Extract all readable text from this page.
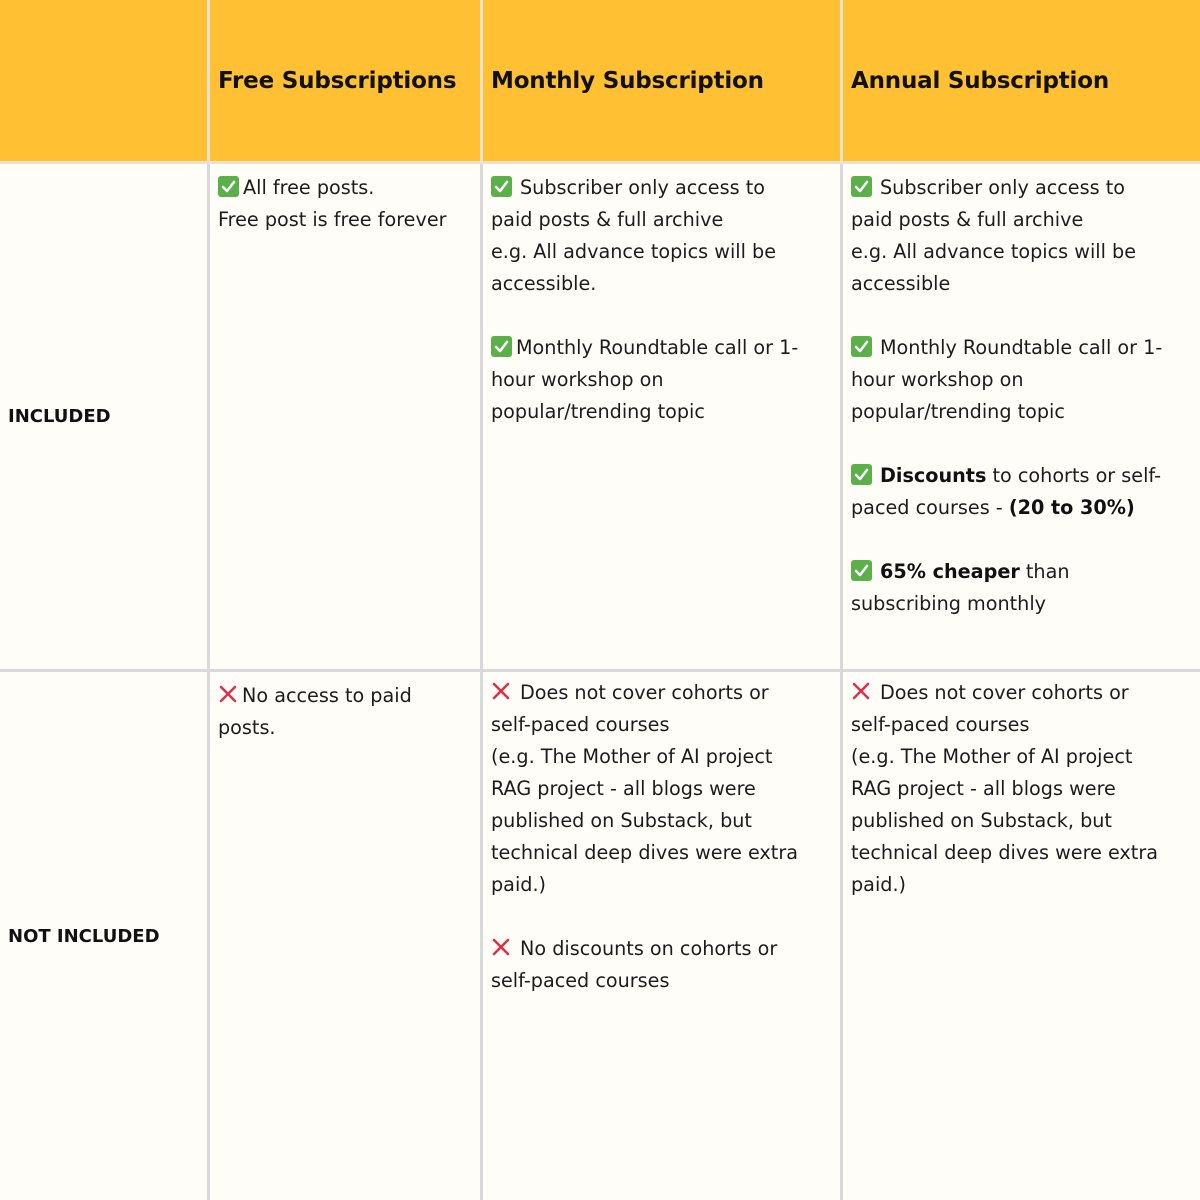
Free Subscriptions Monthly Subscription	Annual Subscription
INCLUDED
All free posts.
Free post is free forever
Subscriber only access to
paid posts & full archive
e.g. All advance topics will be
accessible.
Monthly Roundtable call or 1-
hour workshop on
popular/trending topic
Subscriber only access to
paid posts & full archive
e.g. All advance topics will be
accessible
Monthly Roundtable call or 1-
hour workshop on
popular/trending topic
Discounts to cohorts or self-
paced courses - (20 to 30%)
65% cheaper than
subscribing monthly
NOT INCLUDED
No access to paid
posts.
Does not cover cohorts or
self-paced courses
(e.g. The Mother of AI project
RAG project - all blogs were
published on Substack, but
technical deep dives were extra
paid.)
No discounts on cohorts or
self-paced courses
Does not cover cohorts or
self-paced courses
(e.g. The Mother of AI project
RAG project - all blogs were
published on Substack, but
technical deep dives were extra
paid.)
